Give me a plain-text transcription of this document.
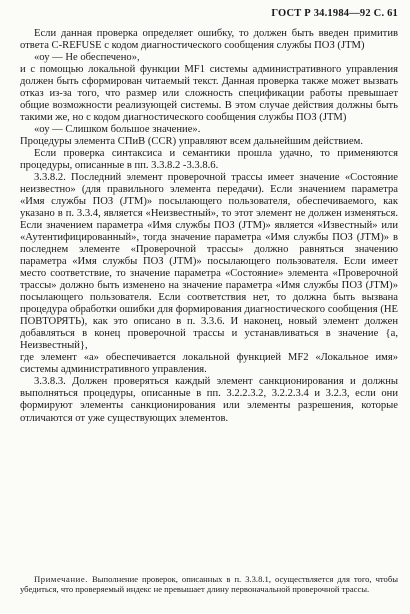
ГОСТ Р 34.1984—92 С. 61

Если данная проверка определяет ошибку, то должен быть введен примитив ответа C-REFUSE с кодом диагностического сообщения службы ПОЗ (JTM)

«оу — Не обеспечено»,

и с помощью локальной функции MF1 системы административного управления должен быть сформирован читаемый текст. Данная проверка также может вызвать отказ из-за того, что размер или сложность спецификации работы превышает общие возможности реализующей системы. В этом случае действия должны быть такими же, но с кодом диагностического сообщения службы ПОЗ (JTM)

«оу — Слишком большое значение».

Процедуры элемента СПиВ (CCR) управляют всем дальнейшим действием.

Если проверка синтаксиса и семантики прошла удачно, то применяются процедуры, описанные в пп. 3.3.8.2 -3.3.8.6.

3.3.8.2. Последний элемент проверочной трассы имеет значение «Состояние неизвестно» (для правильного элемента передачи). Если значением параметра «Имя службы ПОЗ (JTM)» посылающего пользователя, обеспечиваемого, как указано в п. 3.3.4, является «Неизвестный», то этот элемент не должен изменяться. Если значением параметра «Имя службы ПОЗ (JTM)» является «Известный» или «Аутентифицированный», тогда значение параметра «Имя службы ПОЗ (JTM)» в последнем элементе «Проверочной трассы» должно равняться значению параметра «Имя службы ПОЗ (JTM)» посылающего пользователя. Если имеет место соответствие, то значение параметра «Состояние» элемента «Проверочной трассы» должно быть изменено на значение параметра «Имя службы ПОЗ (JTM)» посылающего пользователя. Если соответствия нет, то должна быть вызвана процедура обработки ошибки для формирования диагностического сообщения (НЕ ПОВТОРЯТЬ), как это описано в п. 3.3.6. И наконец, новый элемент должен добавляться в конец проверочной трассы и устанавливаться в значение {а, Неизвестный},

где элемент «а» обеспечивается локальной функцией MF2 «Локальное имя» системы административного управления.

3.3.8.3. Должен проверяться каждый элемент санкционирования и должны выполняться процедуры, описанные в пп. 3.2.2.3.2, 3.2.2.3.4 и 3.2.3, если они формируют элементы санкционирования или элементы разрешения, которые отличаются от уже существующих элементов.

Примечание. Выполнение проверок, описанных в п. 3.3.8.1, осуществляется для того, чтобы убедиться, что проверяемый индекс не превышает длину первоначальной проверочной трассы.
